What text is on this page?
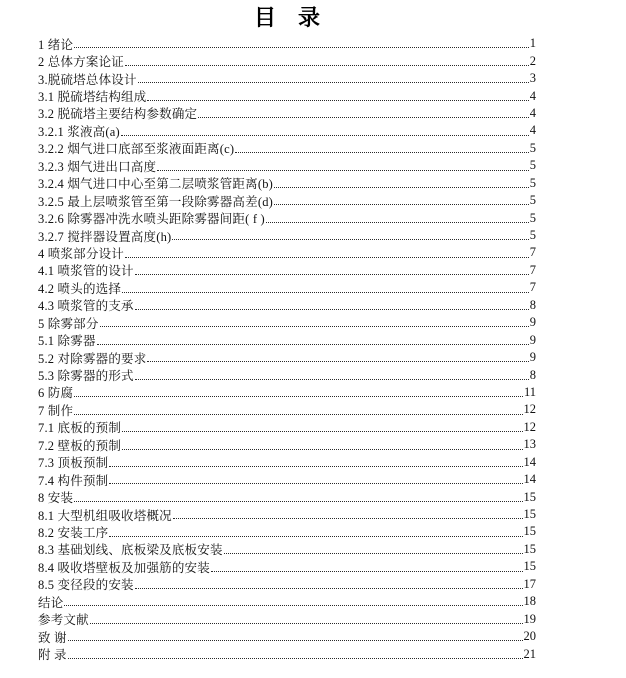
目　录
1 绪论	1
2 总体方案论证	2
3.脱硫塔总体设计	3
3.1 脱硫塔结构组成	4
3.2 脱硫塔主要结构参数确定	4
3.2.1 浆液高(a)	4
3.2.2 烟气进口底部至浆液面距离(c)	5
3.2.3 烟气进出口高度	5
3.2.4 烟气进口中心至第二层喷浆管距离(b)	5
3.2.5 最上层喷浆管至第一段除雾器高差(d)	5
3.2.6 除雾器冲洗水喷头距除雾器间距( f )	5
3.2.7 搅拌器设置高度(h)	5
4 喷浆部分设计	7
4.1 喷浆管的设计	7
4.2 喷头的选择	7
4.3 喷浆管的支承	8
5 除雾部分	9
5.1 除雾器	9
5.2 对除雾器的要求	9
5.3 除雾器的形式	8
6 防腐	11
7 制作	12
7.1 底板的预制	12
7.2 壁板的预制	13
7.3 顶板预制	14
7.4 构件预制	14
8 安装	15
8.1 大型机组吸收塔概况	15
8.2 安装工序	15
8.3 基础划线、底板梁及底板安装	15
8.4 吸收塔壁板及加强筋的安装	15
8.5 变径段的安装	17
结论	18
参考文献	19
致 谢	20
附 录	21
